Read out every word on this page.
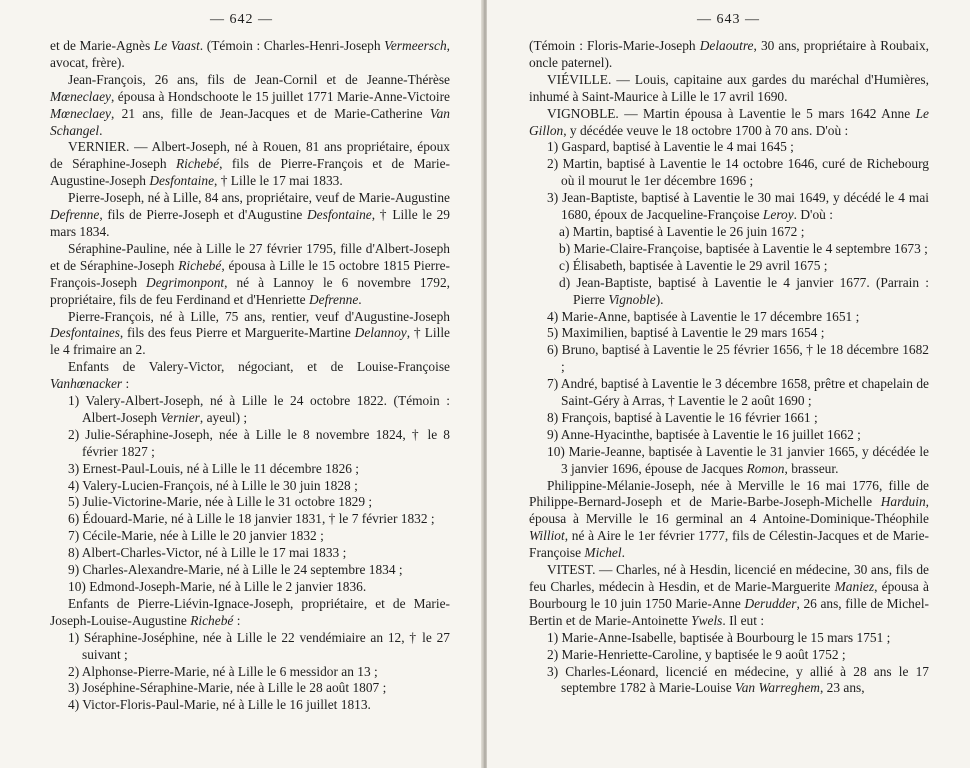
— 642 —

et de Marie-Agnès Le Vaast. (Témoin : Charles-Henri-Joseph Vermeersch, avocat, frère).

Jean-François, 26 ans, fils de Jean-Cornil et de Jeanne-Thérèse Mœneclaey, épousa à Hondschoote le 15 juillet 1771 Marie-Anne-Victoire Mœneclaey, 21 ans, fille de Jean-Jacques et de Marie-Catherine Van Schangel.

VERNIER. — Albert-Joseph, né à Rouen, 81 ans propriétaire, époux de Séraphine-Joseph Richebé, fils de Pierre-François et de Marie-Augustine-Joseph Desfontaine, † Lille le 17 mai 1833.

Pierre-Joseph, né à Lille, 84 ans, propriétaire, veuf de Marie-Augustine Defrenne, fils de Pierre-Joseph et d'Augustine Desfontaine, † Lille le 29 mars 1834.

Séraphine-Pauline, née à Lille le 27 février 1795, fille d'Albert-Joseph et de Séraphine-Joseph Richebé, épousa à Lille le 15 octobre 1815 Pierre-François-Joseph Degrimonpont, né à Lannoy le 6 novembre 1792, propriétaire, fils de feu Ferdinand et d'Henriette Defrenne.

Pierre-François, né à Lille, 75 ans, rentier, veuf d'Augustine-Joseph Desfontaines, fils des feus Pierre et Marguerite-Martine Delannoy, † Lille le 4 frimaire an 2.

Enfants de Valery-Victor, négociant, et de Louise-Françoise Vanhœnacker :

1) Valery-Albert-Joseph, né à Lille le 24 octobre 1822. (Témoin : Albert-Joseph Vernier, ayeul) ;

2) Julie-Séraphine-Joseph, née à Lille le 8 novembre 1824, † le 8 février 1827 ;

3) Ernest-Paul-Louis, né à Lille le 11 décembre 1826 ;

4) Valery-Lucien-François, né à Lille le 30 juin 1828 ;

5) Julie-Victorine-Marie, née à Lille le 31 octobre 1829 ;

6) Édouard-Marie, né à Lille le 18 janvier 1831, † le 7 février 1832 ;

7) Cécile-Marie, née à Lille le 20 janvier 1832 ;

8) Albert-Charles-Victor, né à Lille le 17 mai 1833 ;

9) Charles-Alexandre-Marie, né à Lille le 24 septembre 1834 ;

10) Edmond-Joseph-Marie, né à Lille le 2 janvier 1836.

Enfants de Pierre-Liévin-Ignace-Joseph, propriétaire, et de Marie-Joseph-Louise-Augustine Richebé :

1) Séraphine-Joséphine, née à Lille le 22 vendémiaire an 12, † le 27 suivant ;

2) Alphonse-Pierre-Marie, né à Lille le 6 messidor an 13 ;

3) Joséphine-Séraphine-Marie, née à Lille le 28 août 1807 ;

4) Victor-Floris-Paul-Marie, né à Lille le 16 juillet 1813.

— 643 —

(Témoin : Floris-Marie-Joseph Delaoutre, 30 ans, propriétaire à Roubaix, oncle paternel).

VIÉVILLE. — Louis, capitaine aux gardes du maréchal d'Humières, inhumé à Saint-Maurice à Lille le 17 avril 1690.

VIGNOBLE. — Martin épousa à Laventie le 5 mars 1642 Anne Le Gillon, y décédée veuve le 18 octobre 1700 à 70 ans. D'où :

1) Gaspard, baptisé à Laventie le 4 mai 1645 ;

2) Martin, baptisé à Laventie le 14 octobre 1646, curé de Richebourg où il mourut le 1er décembre 1696 ;

3) Jean-Baptiste, baptisé à Laventie le 30 mai 1649, y décédé le 4 mai 1680, époux de Jacqueline-Françoise Leroy. D'où :

a) Martin, baptisé à Laventie le 26 juin 1672 ;

b) Marie-Claire-Françoise, baptisée à Laventie le 4 septembre 1673 ;

c) Élisabeth, baptisée à Laventie le 29 avril 1675 ;

d) Jean-Baptiste, baptisé à Laventie le 4 janvier 1677. (Parrain : Pierre Vignoble).

4) Marie-Anne, baptisée à Laventie le 17 décembre 1651 ;

5) Maximilien, baptisé à Laventie le 29 mars 1654 ;

6) Bruno, baptisé à Laventie le 25 février 1656, † le 18 décembre 1682 ;

7) André, baptisé à Laventie le 3 décembre 1658, prêtre et chapelain de Saint-Géry à Arras, † Laventie le 2 août 1690 ;

8) François, baptisé à Laventie le 16 février 1661 ;

9) Anne-Hyacinthe, baptisée à Laventie le 16 juillet 1662 ;

10) Marie-Jeanne, baptisée à Laventie le 31 janvier 1665, y décédée le 3 janvier 1696, épouse de Jacques Romon, brasseur.

Philippine-Mélanie-Joseph, née à Merville le 16 mai 1776, fille de Philippe-Bernard-Joseph et de Marie-Barbe-Joseph-Michelle Harduin, épousa à Merville le 16 germinal an 4 Antoine-Dominique-Théophile Williot, né à Aire le 1er février 1777, fils de Célestin-Jacques et de Marie-Françoise Michel.

VITEST. — Charles, né à Hesdin, licencié en médecine, 30 ans, fils de feu Charles, médecin à Hesdin, et de Marie-Marguerite Maniez, épousa à Bourbourg le 10 juin 1750 Marie-Anne Derudder, 26 ans, fille de Michel-Bertin et de Marie-Antoinette Ywels. Il eut :

1) Marie-Anne-Isabelle, baptisée à Bourbourg le 15 mars 1751 ;

2) Marie-Henriette-Caroline, y baptisée le 9 août 1752 ;

3) Charles-Léonard, licencié en médecine, y allié à 28 ans le 17 septembre 1782 à Marie-Louise Van Warreghem, 23 ans,
